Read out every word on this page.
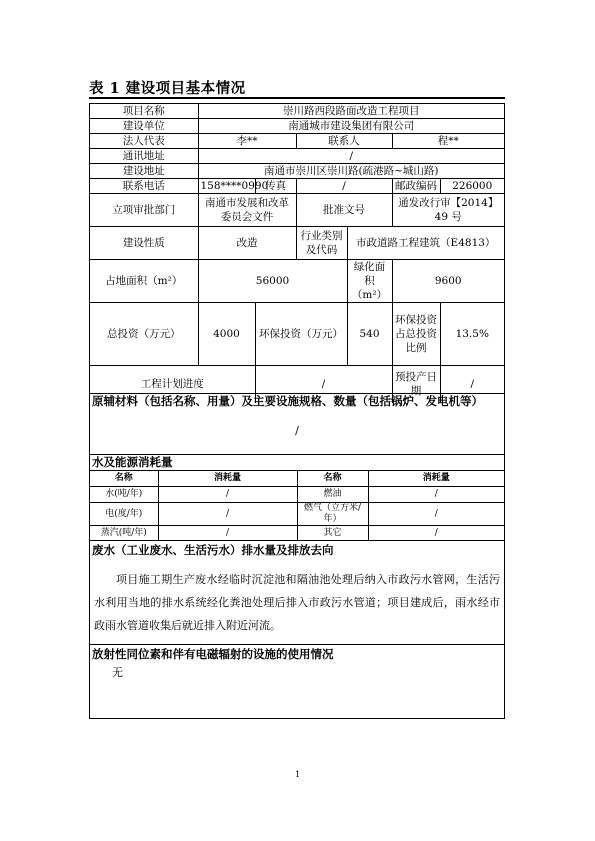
表 1 建设项目基本情况
项目名称	崇川路西段路面改造工程项目					
建设单位	南通城市建设集团有限公司					
法人代表	李**		联系人		程**	
通讯地址	/					
建设地址	南通市崇川区崇川路(疏港路~城山路)					
联系电话	158****0990	传真	/		邮政编码	226000
立项审批部门	南通市发展和改革委员会文件		批准文号		通发改行审【2014】49 号	
建设性质	改造		行业类别及代码	市政道路工程建筑（E4813）		
占地面积（m²）	56000			绿化面积（m²）	9600	
总投资（万元）	4000	环保投资（万元）		540	环保投资占总投资比例	13.5%
工程计划进度		/			预投产日期	/
原辅材料（包括名称、用量）及主要设施规格、数量（包括锅炉、发电机等）
/
水及能源消耗量
名称	消耗量	名称	消耗量
水(吨/年)	/	燃油	/
电(度/年)	/	燃气（立方米/年）	/
蒸汽(吨/年)	/	其它	/
废水（工业废水、生活污水）排水量及排放去向
项目施工期生产废水经临时沉淀池和隔油池处理后纳入市政污水管网，生活污水利用当地的排水系统经化粪池处理后排入市政污水管道；项目建成后，雨水经市政雨水管道收集后就近排入附近河流。
放射性同位素和伴有电磁辐射的设施的使用情况
无
1
